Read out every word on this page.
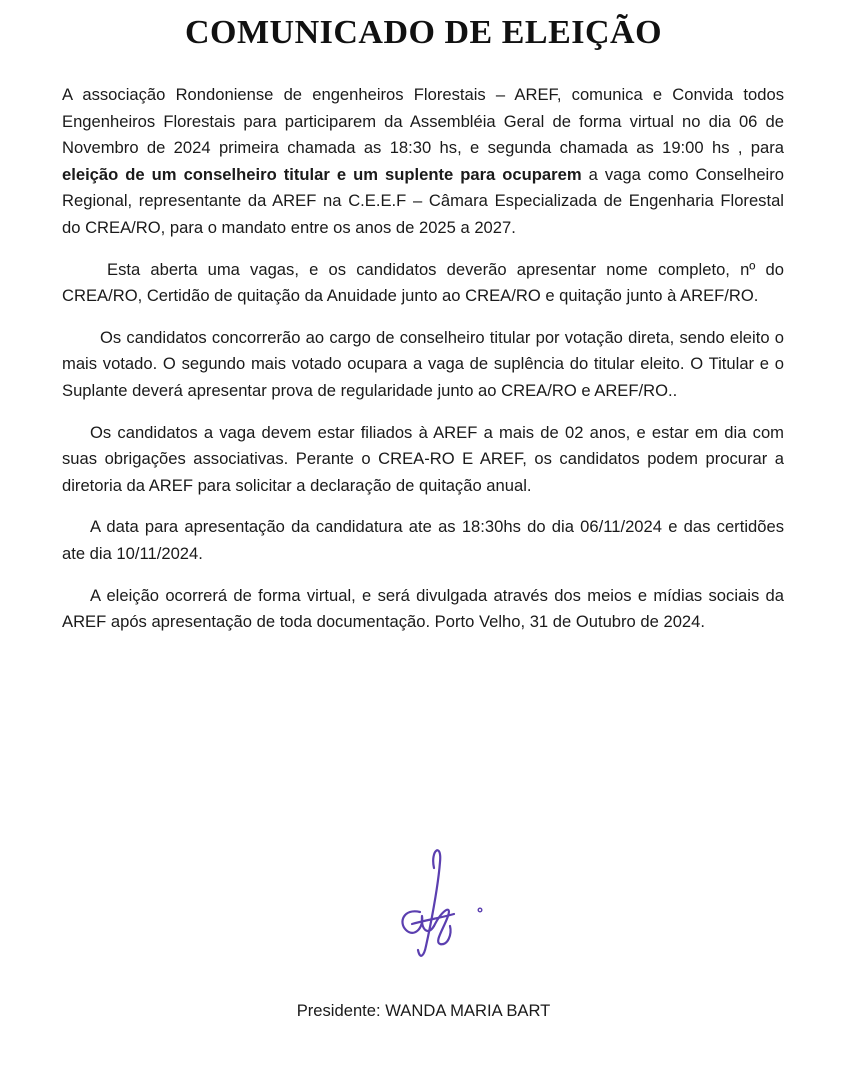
COMUNICADO DE ELEIÇÃO

A associação Rondoniense de engenheiros Florestais – AREF, comunica e Convida todos Engenheiros Florestais para participarem da Assembléia Geral de forma virtual no dia 06 de Novembro de 2024 primeira chamada as 18:30 hs, e segunda chamada as 19:00 hs , para eleição de um conselheiro titular e um suplente para ocuparem a vaga como Conselheiro Regional, representante da AREF na C.E.E.F – Câmara Especializada de Engenharia Florestal do CREA/RO, para o mandato entre os anos de 2025 a 2027.

Esta aberta uma vagas, e os candidatos deverão apresentar nome completo, nº do CREA/RO, Certidão de quitação da Anuidade junto ao CREA/RO e quitação junto à AREF/RO.

Os candidatos concorrerão ao cargo de conselheiro titular por votação direta, sendo eleito o mais votado. O segundo mais votado ocupara a vaga de suplência do titular eleito. O Titular e o Suplante deverá apresentar prova de regularidade junto ao CREA/RO e AREF/RO..

Os candidatos a vaga devem estar filiados à AREF a mais de 02 anos, e estar em dia com suas obrigações associativas. Perante o CREA-RO E AREF, os candidatos podem procurar a diretoria da AREF para solicitar a declaração de quitação anual.

A data para apresentação da candidatura ate as 18:30hs do dia 06/11/2024 e das certidões ate dia 10/11/2024.

A eleição ocorrerá de forma virtual, e será divulgada através dos meios e mídias sociais da AREF após apresentação de toda documentação. Porto Velho, 31 de Outubro de 2024.

Presidente: WANDA MARIA BART
